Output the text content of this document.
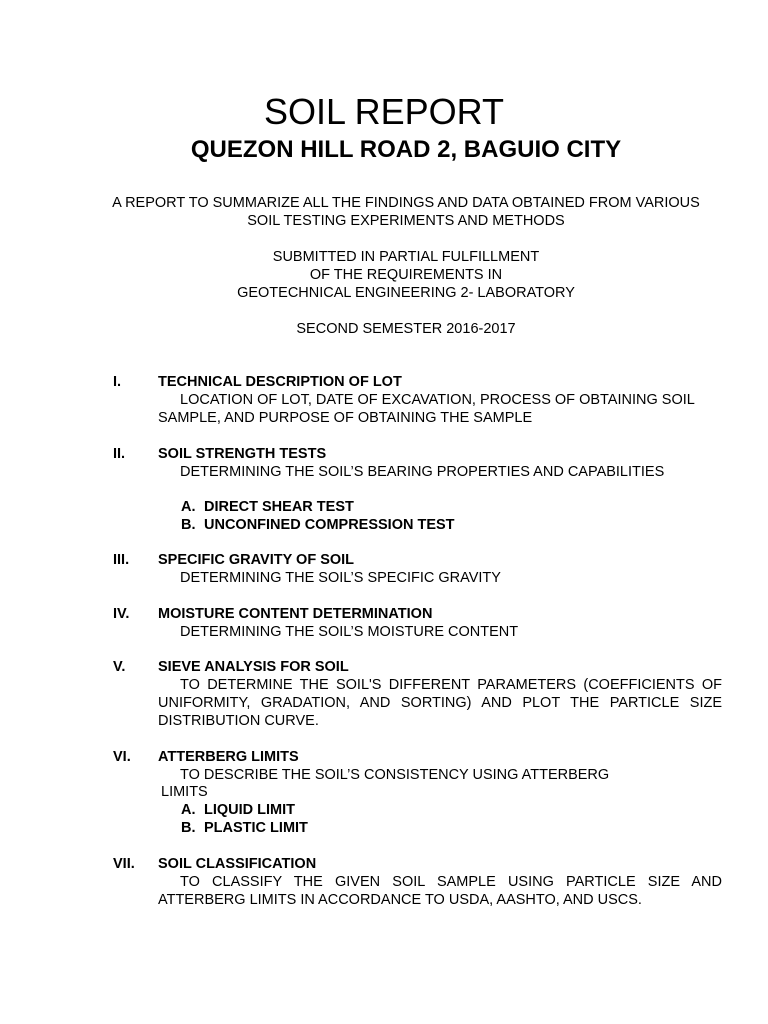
SOIL REPORT
QUEZON HILL ROAD 2, BAGUIO CITY

A REPORT TO SUMMARIZE ALL THE FINDINGS AND DATA OBTAINED FROM VARIOUS

SOIL TESTING EXPERIMENTS AND METHODS

SUBMITTED IN PARTIAL FULFILLMENT

OF THE REQUIREMENTS IN

GEOTECHNICAL ENGINEERING 2- LABORATORY

SECOND SEMESTER 2016-2017

I.	TECHNICAL DESCRIPTION OF LOT

LOCATION OF LOT, DATE OF EXCAVATION, PROCESS OF OBTAINING SOIL SAMPLE, AND PURPOSE OF OBTAINING THE SAMPLE

II. SOIL STRENGTH TESTS

DETERMINING THE SOIL’S BEARING PROPERTIES AND CAPABILITIES

A. DIRECT SHEAR TEST

B. UNCONFINED COMPRESSION TEST

III. SPECIFIC GRAVITY OF SOIL

DETERMINING THE SOIL’S SPECIFIC GRAVITY

IV. MOISTURE CONTENT DETERMINATION

DETERMINING THE SOIL’S MOISTURE CONTENT

V. SIEVE ANALYSIS FOR SOIL

TO DETERMINE THE SOIL'S DIFFERENT PARAMETERS (COEFFICIENTS OF UNIFORMITY, GRADATION, AND SORTING) AND PLOT THE PARTICLE SIZE DISTRIBUTION CURVE.

VI. ATTERBERG LIMITS

TO DESCRIBE THE SOIL’S CONSISTENCY USING ATTERBERG

LIMITS

A. LIQUID LIMIT

B. PLASTIC LIMIT

VII. SOIL CLASSIFICATION

TO CLASSIFY THE GIVEN SOIL SAMPLE USING PARTICLE SIZE AND ATTERBERG LIMITS IN ACCORDANCE TO USDA, AASHTO, AND USCS.
